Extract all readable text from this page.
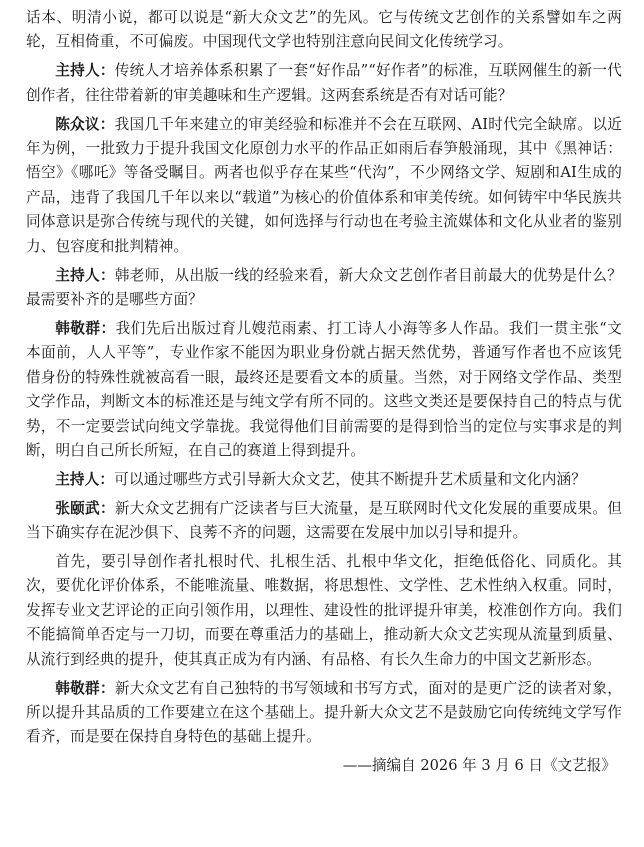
话本、明清小说，都可以说是“新大众文艺”的先风。它与传统文艺创作的关系譬如车之两轮，互相倚重，不可偏废。中国现代文学也特别注意向民间文化传统学习。

主持人：传统人才培养体系积累了一套“好作品”“好作者”的标准，互联网催生的新一代创作者，往往带着新的审美趣味和生产逻辑。这两套系统是否有对话可能？

陈众议：我国几千年来建立的审美经验和标准并不会在互联网、AI时代完全缺席。以近年为例，一批致力于提升我国文化原创力水平的作品正如雨后春笋般涌现，其中《黑神话：悟空》《哪吒》等备受瞩目。两者也似乎存在某些“代沟”，不少网络文学、短剧和AI生成的产品，违背了我国几千年以来以“载道”为核心的价值体系和审美传统。如何铸牢中华民族共同体意识是弥合传统与现代的关键，如何选择与行动也在考验主流媒体和文化从业者的鉴别力、包容度和批判精神。

主持人：韩老师，从出版一线的经验来看，新大众文艺创作者目前最大的优势是什么？最需要补齐的是哪些方面？

韩敬群：我们先后出版过育儿嫂范雨素、打工诗人小海等多人作品。我们一贯主张“文本面前，人人平等”，专业作家不能因为职业身份就占据天然优势，普通写作者也不应该凭借身份的特殊性就被高看一眼，最终还是要看文本的质量。当然，对于网络文学作品、类型文学作品，判断文本的标准还是与纯文学有所不同的。这些文类还是要保持自己的特点与优势，不一定要尝试向纯文学靠拢。我觉得他们目前需要的是得到恰当的定位与实事求是的判断，明白自己所长所短，在自己的赛道上得到提升。

主持人：可以通过哪些方式引导新大众文艺，使其不断提升艺术质量和文化内涵？

张颐武：新大众文艺拥有广泛读者与巨大流量，是互联网时代文化发展的重要成果。但当下确实存在泥沙俱下、良莠不齐的问题，这需要在发展中加以引导和提升。

首先，要引导创作者扎根时代、扎根生活、扎根中华文化，拒绝低俗化、同质化。其次，要优化评价体系，不能唯流量、唯数据，将思想性、文学性、艺术性纳入权重。同时，发挥专业文艺评论的正向引领作用，以理性、建设性的批评提升审美，校准创作方向。我们不能搞简单否定与一刀切，而要在尊重活力的基础上，推动新大众文艺实现从流量到质量、从流行到经典的提升，使其真正成为有内涵、有品格、有长久生命力的中国文艺新形态。

韩敬群：新大众文艺有自己独特的书写领域和书写方式，面对的是更广泛的读者对象，所以提升其品质的工作要建立在这个基础上。提升新大众文艺不是鼓励它向传统纯文学写作看齐，而是要在保持自身特色的基础上提升。

——摘编自 2026 年 3 月 6 日《文艺报》
